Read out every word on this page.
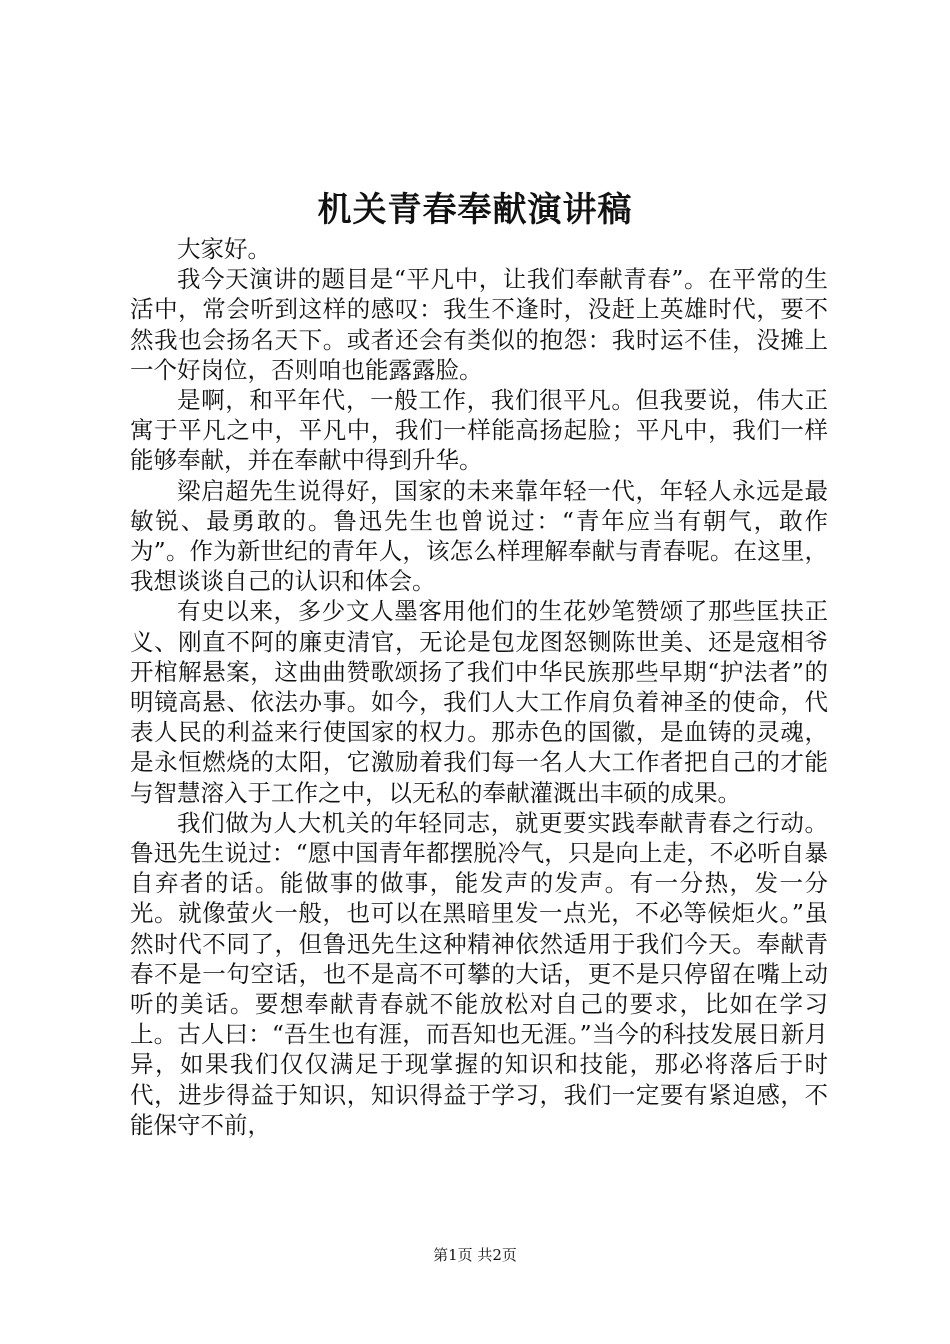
机关青春奉献演讲稿

大家好。

我今天演讲的题目是“平凡中，让我们奉献青春”。在平常的生活中，常会听到这样的感叹：我生不逢时，没赶上英雄时代，要不然我也会扬名天下。或者还会有类似的抱怨：我时运不佳，没摊上一个好岗位，否则咱也能露露脸。

是啊，和平年代，一般工作，我们很平凡。但我要说，伟大正寓于平凡之中，平凡中，我们一样能高扬起脸；平凡中，我们一样能够奉献，并在奉献中得到升华。

梁启超先生说得好，国家的未来靠年轻一代，年轻人永远是最敏锐、最勇敢的。鲁迅先生也曾说过：“青年应当有朝气，敢作为”。作为新世纪的青年人，该怎么样理解奉献与青春呢。在这里，我想谈谈自己的认识和体会。

有史以来，多少文人墨客用他们的生花妙笔赞颂了那些匡扶正义、刚直不阿的廉吏清官，无论是包龙图怒铡陈世美、还是寇相爷开棺解悬案，这曲曲赞歌颂扬了我们中华民族那些早期“护法者”的明镜高悬、依法办事。如今，我们人大工作肩负着神圣的使命，代表人民的利益来行使国家的权力。那赤色的国徽，是血铸的灵魂，是永恒燃烧的太阳，它激励着我们每一名人大工作者把自己的才能与智慧溶入于工作之中，以无私的奉献灌溉出丰硕的成果。

我们做为人大机关的年轻同志，就更要实践奉献青春之行动。鲁迅先生说过：“愿中国青年都摆脱冷气，只是向上走，不必听自暴自弃者的话。能做事的做事，能发声的发声。有一分热，发一分光。就像萤火一般，也可以在黑暗里发一点光，不必等候炬火。”虽然时代不同了，但鲁迅先生这种精神依然适用于我们今天。奉献青春不是一句空话，也不是高不可攀的大话，更不是只停留在嘴上动听的美话。要想奉献青春就不能放松对自己的要求，比如在学习上。古人曰：“吾生也有涯，而吾知也无涯。”当今的科技发展日新月异，如果我们仅仅满足于现掌握的知识和技能，那必将落后于时代，进步得益于知识，知识得益于学习，我们一定要有紧迫感，不能保守不前，

第1页 共2页
